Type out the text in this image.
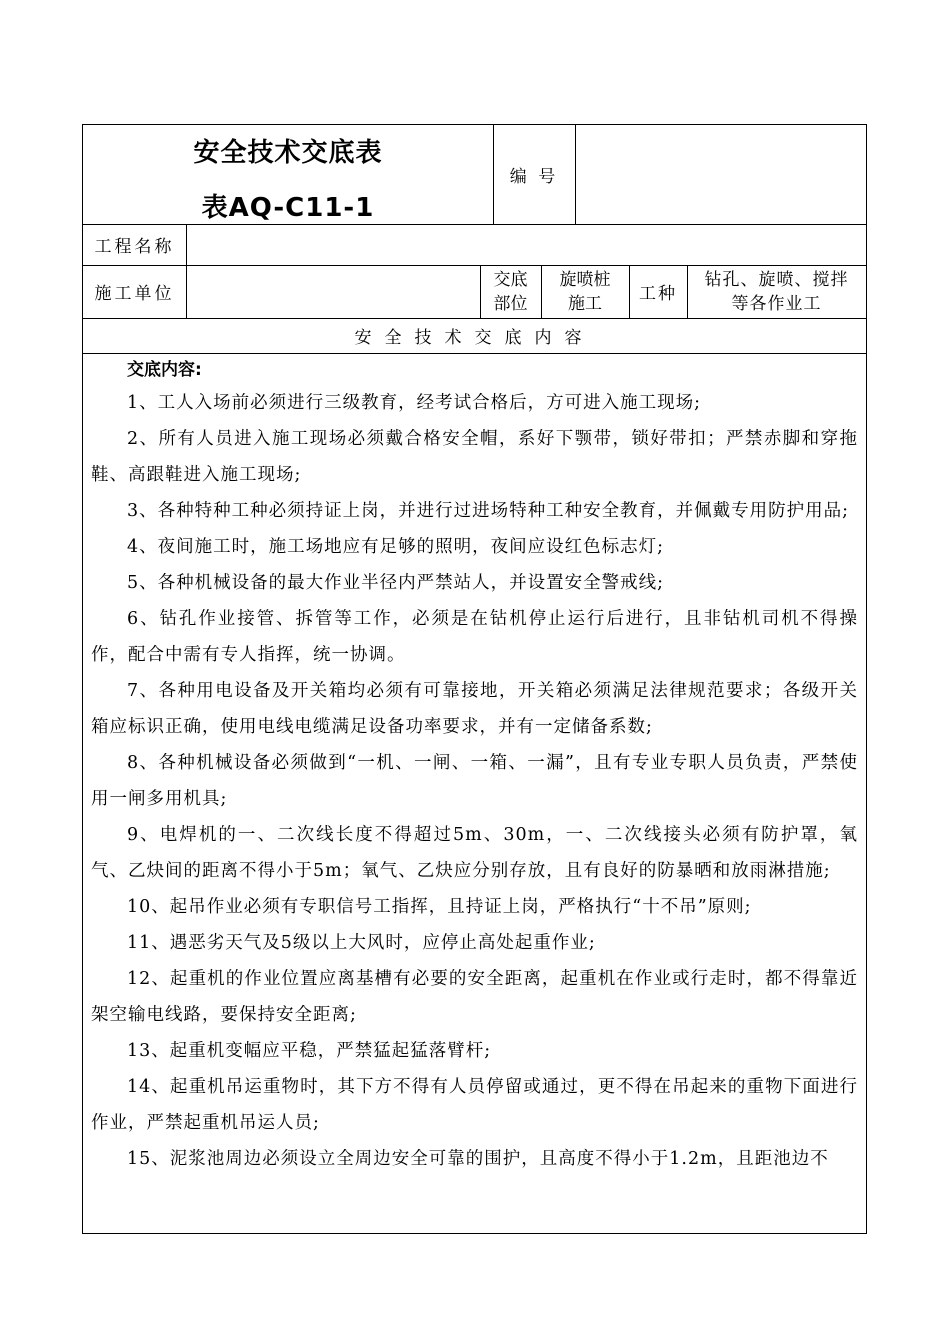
安全技术交底表
表AQ-C11-1
编 号
工程名称
施工单位
交底
部位
旋喷桩
施工	工种
钻孔、旋喷、搅拌
等各作业工
安全技术交底内容

交底内容:

1、工人入场前必须进行三级教育，经考试合格后，方可进入施工现场;

2、所有人员进入施工现场必须戴合格安全帽，系好下颚带，锁好带扣；严禁赤脚和穿拖鞋、高跟鞋进入施工现场;

3、各种特种工种必须持证上岗，并进行过进场特种工种安全教育，并佩戴专用防护用品;

4、夜间施工时，施工场地应有足够的照明，夜间应设红色标志灯;

5、各种机械设备的最大作业半径内严禁站人，并设置安全警戒线;

6、钻孔作业接管、拆管等工作，必须是在钻机停止运行后进行，且非钻机司机不得操作，配合中需有专人指挥，统一协调。

7、各种用电设备及开关箱均必须有可靠接地，开关箱必须满足法律规范要求；各级开关箱应标识正确，使用电线电缆满足设备功率要求，并有一定储备系数;

8、各种机械设备必须做到“一机、一闸、一箱、一漏”，且有专业专职人员负责，严禁使用一闸多用机具;

9、电焊机的一、二次线长度不得超过5m、30m，一、二次线接头必须有防护罩，氧气、乙炔间的距离不得小于5m；氧气、乙炔应分别存放，且有良好的防暴晒和放雨淋措施;

10、起吊作业必须有专职信号工指挥，且持证上岗，严格执行“十不吊”原则;

11、遇恶劣天气及5级以上大风时，应停止高处起重作业;

12、起重机的作业位置应离基槽有必要的安全距离，起重机在作业或行走时，都不得靠近架空输电线路，要保持安全距离;

13、起重机变幅应平稳，严禁猛起猛落臂杆;

14、起重机吊运重物时，其下方不得有人员停留或通过，更不得在吊起来的重物下面进行作业，严禁起重机吊运人员;

15、泥浆池周边必须设立全周边安全可靠的围护，且高度不得小于1.2m，且距池边不
